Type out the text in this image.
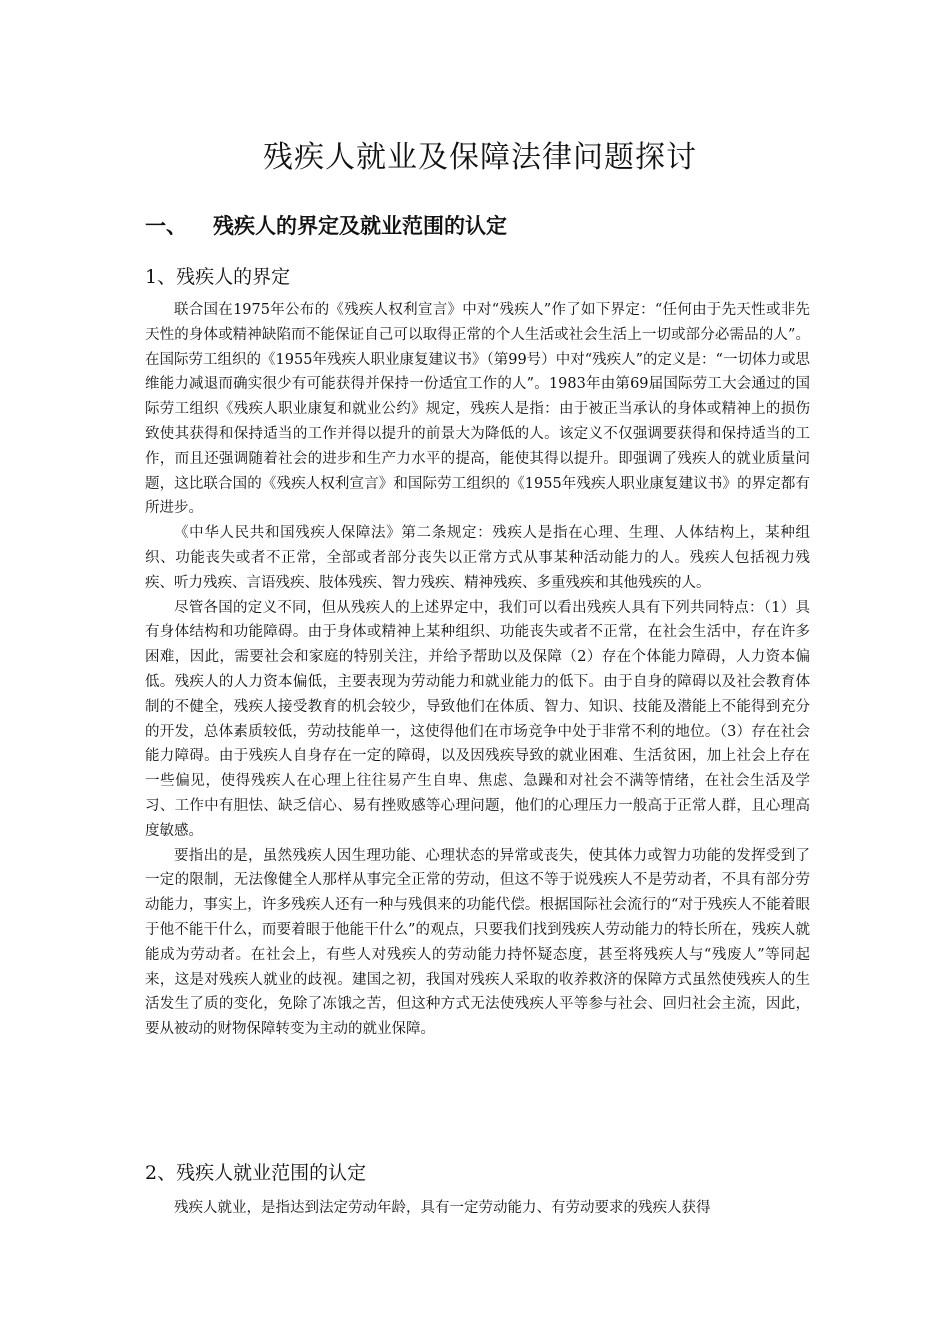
残疾人就业及保障法律问题探讨
一、 残疾人的界定及就业范围的认定
1、残疾人的界定

联合国在1975年公布的《残疾人权利宣言》中对“残疾人”作了如下界定：“任何由于先天性或非先天性的身体或精神缺陷而不能保证自己可以取得正常的个人生活或社会生活上一切或部分必需品的人”。在国际劳工组织的《1955年残疾人职业康复建议书》（第99号）中对“残疾人”的定义是：“一切体力或思维能力减退而确实很少有可能获得并保持一份适宜工作的人”。1983年由第69届国际劳工大会通过的国际劳工组织《残疾人职业康复和就业公约》规定，残疾人是指：由于被正当承认的身体或精神上的损伤致使其获得和保持适当的工作并得以提升的前景大为降低的人。该定义不仅强调要获得和保持适当的工作，而且还强调随着社会的进步和生产力水平的提高，能使其得以提升。即强调了残疾人的就业质量问题，这比联合国的《残疾人权利宣言》和国际劳工组织的《1955年残疾人职业康复建议书》的界定都有所进步。

《中华人民共和国残疾人保障法》第二条规定：残疾人是指在心理、生理、人体结构上，某种组织、功能丧失或者不正常，全部或者部分丧失以正常方式从事某种活动能力的人。残疾人包括视力残疾、听力残疾、言语残疾、肢体残疾、智力残疾、精神残疾、多重残疾和其他残疾的人。

尽管各国的定义不同，但从残疾人的上述界定中，我们可以看出残疾人具有下列共同特点：（1）具有身体结构和功能障碍。由于身体或精神上某种组织、功能丧失或者不正常，在社会生活中，存在许多困难，因此，需要社会和家庭的特别关注，并给予帮助以及保障（2）存在个体能力障碍，人力资本偏低。残疾人的人力资本偏低，主要表现为劳动能力和就业能力的低下。由于自身的障碍以及社会教育体制的不健全，残疾人接受教育的机会较少，导致他们在体质、智力、知识、技能及潜能上不能得到充分的开发，总体素质较低，劳动技能单一，这使得他们在市场竞争中处于非常不利的地位。（3）存在社会能力障碍。由于残疾人自身存在一定的障碍，以及因残疾导致的就业困难、生活贫困，加上社会上存在一些偏见，使得残疾人在心理上往往易产生自卑、焦虑、急躁和对社会不满等情绪，在社会生活及学习、工作中有胆怯、缺乏信心、易有挫败感等心理问题，他们的心理压力一般高于正常人群，且心理高度敏感。

要指出的是，虽然残疾人因生理功能、心理状态的异常或丧失，使其体力或智力功能的发挥受到了一定的限制，无法像健全人那样从事完全正常的劳动，但这不等于说残疾人不是劳动者，不具有部分劳动能力，事实上，许多残疾人还有一种与残俱来的功能代偿。根据国际社会流行的“对于残疾人不能着眼于他不能干什么，而要着眼于他能干什么”的观点，只要我们找到残疾人劳动能力的特长所在，残疾人就能成为劳动者。在社会上，有些人对残疾人的劳动能力持怀疑态度，甚至将残疾人与“残废人”等同起来，这是对残疾人就业的歧视。建国之初，我国对残疾人采取的收养救济的保障方式虽然使残疾人的生活发生了质的变化，免除了冻饿之苦，但这种方式无法使残疾人平等参与社会、回归社会主流，因此，要从被动的财物保障转变为主动的就业保障。

2、残疾人就业范围的认定

残疾人就业，是指达到法定劳动年龄，具有一定劳动能力、有劳动要求的残疾人获得
